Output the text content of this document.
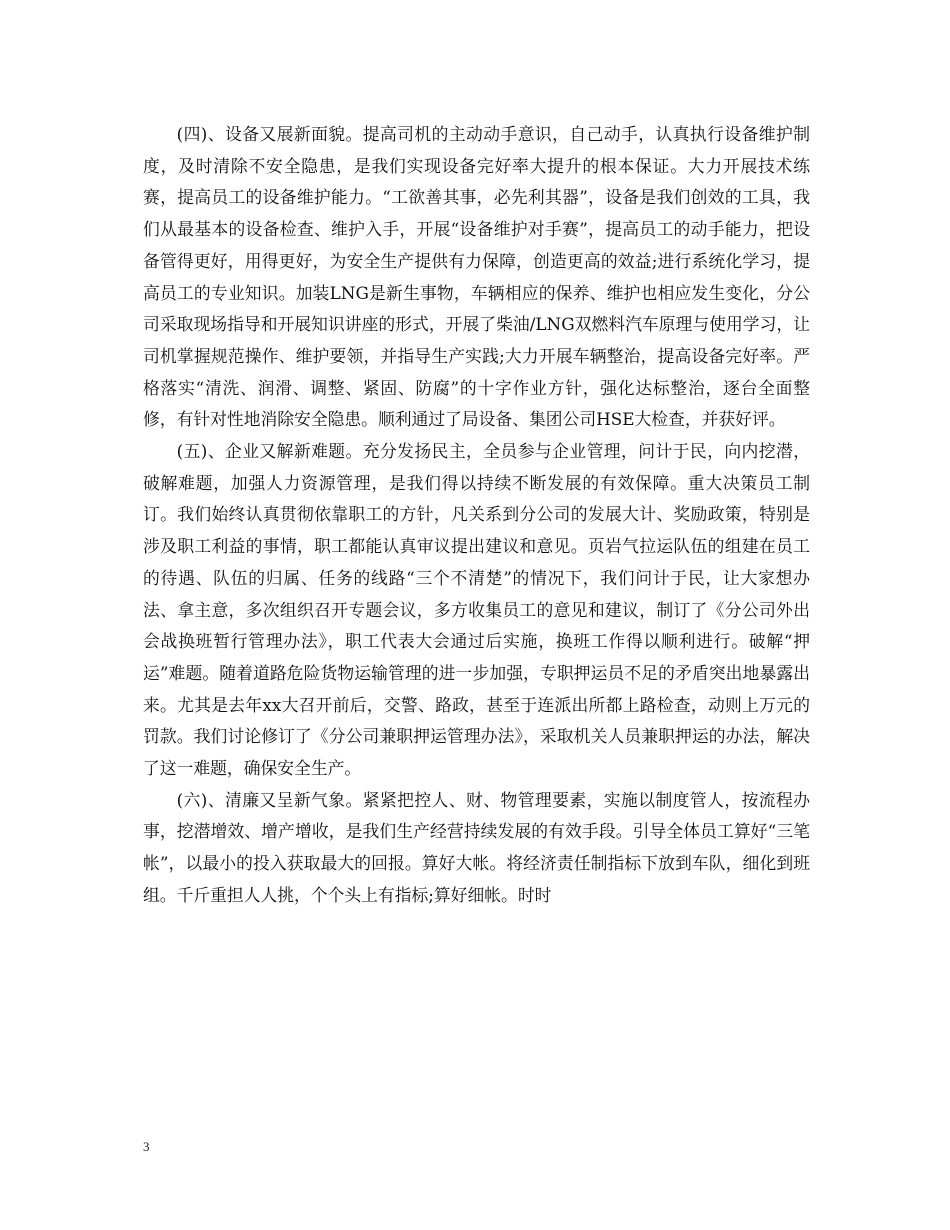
(四)、设备又展新面貌。提高司机的主动动手意识，自己动手，认真执行设备维护制度，及时清除不安全隐患，是我们实现设备完好率大提升的根本保证。大力开展技术练赛，提高员工的设备维护能力。“工欲善其事，必先利其器”，设备是我们创效的工具，我们从最基本的设备检查、维护入手，开展“设备维护对手赛”，提高员工的动手能力，把设备管得更好，用得更好，为安全生产提供有力保障，创造更高的效益;进行系统化学习，提高员工的专业知识。加装LNG是新生事物，车辆相应的保养、维护也相应发生变化，分公司采取现场指导和开展知识讲座的形式，开展了柴油/LNG双燃料汽车原理与使用学习，让司机掌握规范操作、维护要领，并指导生产实践;大力开展车辆整治，提高设备完好率。严格落实“清洗、润滑、调整、紧固、防腐”的十字作业方针，强化达标整治，逐台全面整修，有针对性地消除安全隐患。顺利通过了局设备、集团公司HSE大检查，并获好评。

(五)、企业又解新难题。充分发扬民主，全员参与企业管理，问计于民，向内挖潜，破解难题，加强人力资源管理，是我们得以持续不断发展的有效保障。重大决策员工制订。我们始终认真贯彻依靠职工的方针，凡关系到分公司的发展大计、奖励政策，特别是涉及职工利益的事情，职工都能认真审议提出建议和意见。页岩气拉运队伍的组建在员工的待遇、队伍的归属、任务的线路“三个不清楚”的情况下，我们问计于民，让大家想办法、拿主意，多次组织召开专题会议，多方收集员工的意见和建议，制订了《分公司外出会战换班暂行管理办法》，职工代表大会通过后实施，换班工作得以顺利进行。破解“押运”难题。随着道路危险货物运输管理的进一步加强，专职押运员不足的矛盾突出地暴露出来。尤其是去年xx大召开前后，交警、路政，甚至于连派出所都上路检查，动则上万元的罚款。我们讨论修订了《分公司兼职押运管理办法》，采取机关人员兼职押运的办法，解决了这一难题，确保安全生产。

(六)、清廉又呈新气象。紧紧把控人、财、物管理要素，实施以制度管人，按流程办事，挖潜增效、增产增收，是我们生产经营持续发展的有效手段。引导全体员工算好“三笔帐”，以最小的投入获取最大的回报。算好大帐。将经济责任制指标下放到车队，细化到班组。千斤重担人人挑，个个头上有指标;算好细帐。时时

3
